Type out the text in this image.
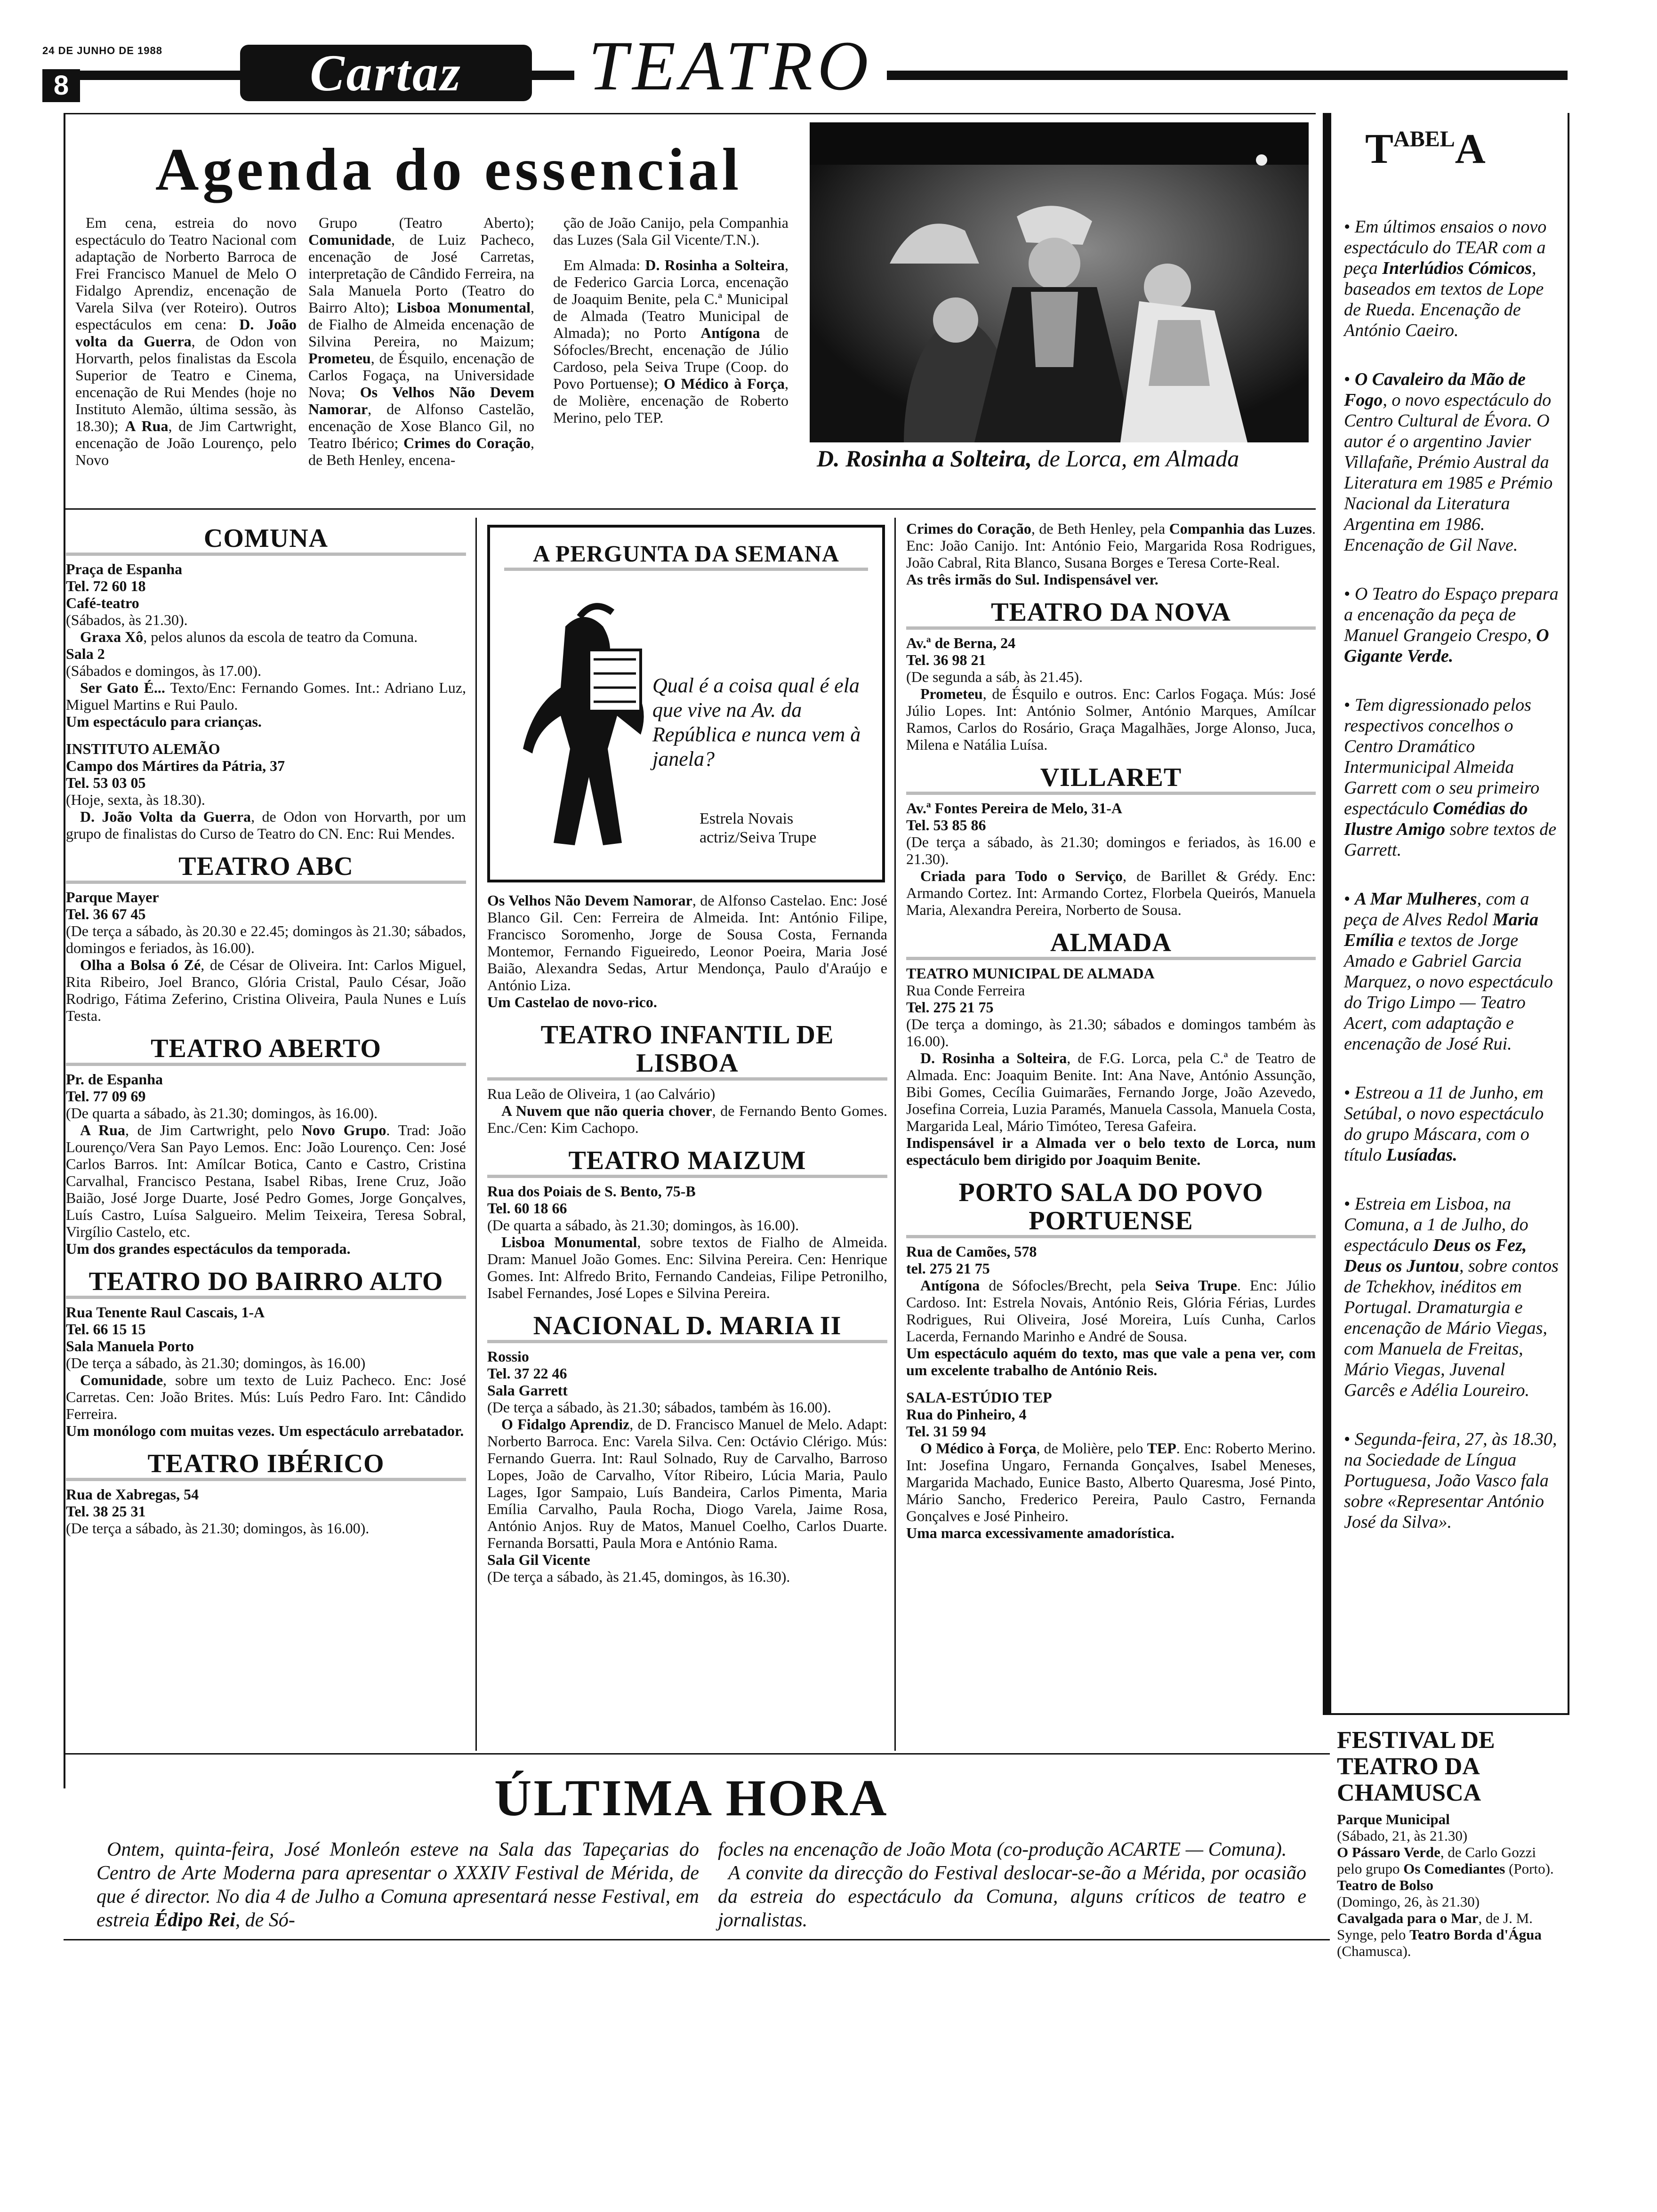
24 DE JUNHO DE 1988
8	Cartaz	TEATRO
Agenda do essencial

Em cena, estreia do novo espectáculo do Teatro Nacional com adaptação de Norberto Barroca de Frei Francisco Manuel de Melo O Fidalgo Aprendiz, encenação de Varela Silva (ver Roteiro). Outros espectáculos em cena: D. João volta da Guerra, de Odon von Horvarth, pelos finalistas da Escola Superior de Teatro e Cinema, encenação de Rui Mendes (hoje no Instituto Alemão, última sessão, às 18.30); A Rua, de Jim Cartwright, encenação de João Lourenço, pelo Novo

Grupo (Teatro Aberto); Comunidade, de Luiz Pacheco, encenação de José Carretas, interpretação de Cândido Ferreira, na Sala Manuela Porto (Teatro do Bairro Alto); Lisboa Monumental, de Fialho de Almeida encenação de Silvina Pereira, no Maizum; Prometeu, de Ésquilo, encenação de Carlos Fogaça, na Universidade Nova; Os Velhos Não Devem Namorar, de Alfonso Castelão, encenação de Xose Blanco Gil, no Teatro Ibérico; Crimes do Coração, de Beth Henley, encena-

ção de João Canijo, pela Companhia das Luzes (Sala Gil Vicente/T.N.).

Em Almada: D. Rosinha a Solteira, de Federico Garcia Lorca, encenação de Joaquim Benite, pela C.ª Municipal de Almada (Teatro Municipal de Almada); no Porto Antígona de Sófocles/Brecht, encenação de Júlio Cardoso, pela Seiva Trupe (Coop. do Povo Portuense); O Médico à Força, de Molière, encenação de Roberto Merino, pelo TEP.

D. Rosinha a Solteira, de Lorca, em Almada
TABELA
• Em últimos ensaios o novo espectáculo do TEAR com a peça Interlúdios Cómicos, baseados em textos de Lope de Rueda. Encenação de António Caeiro.
• O Cavaleiro da Mão de Fogo, o novo espectáculo do Centro Cultural de Évora. O autor é o argentino Javier Villafañe, Prémio Austral da Literatura em 1985 e Prémio Nacional da Literatura Argentina em 1986. Encenação de Gil Nave.
• O Teatro do Espaço prepara a encenação da peça de Manuel Grangeio Crespo, O Gigante Verde.
• Tem digressionado pelos respectivos concelhos o Centro Dramático Intermunicipal Almeida Garrett com o seu primeiro espectáculo Comédias do Ilustre Amigo sobre textos de Garrett.
• A Mar Mulheres, com a peça de Alves Redol Maria Emília e textos de Jorge Amado e Gabriel Garcia Marquez, o novo espectáculo do Trigo Limpo — Teatro Acert, com adaptação e encenação de José Rui.
• Estreou a 11 de Junho, em Setúbal, o novo espectáculo do grupo Máscara, com o título Lusíadas.
• Estreia em Lisboa, na Comuna, a 1 de Julho, do espectáculo Deus os Fez, Deus os Juntou, sobre contos de Tchekhov, inéditos em Portugal. Dramaturgia e encenação de Mário Viegas, com Manuela de Freitas, Mário Viegas, Juvenal Garcês e Adélia Loureiro.
• Segunda-feira, 27, às 18.30, na Sociedade de Língua Portuguesa, João Vasco fala sobre «Representar António José da Silva».
FESTIVAL DE TEATRO DA CHAMUSCA

Parque Municipal

(Sábado, 21, às 21.30)

O Pássaro Verde, de Carlo Gozzi pelo grupo Os Comediantes (Porto).

Teatro de Bolso

(Domingo, 26, às 21.30)

Cavalgada para o Mar, de J. M. Synge, pelo Teatro Borda d'Água (Chamusca).

COMUNA

Praça de Espanha

Tel. 72 60 18

Café-teatro

(Sábados, às 21.30).

Graxa Xô, pelos alunos da escola de teatro da Comuna.

Sala 2

(Sábados e domingos, às 17.00).

Ser Gato É... Texto/Enc: Fernando Gomes. Int.: Adriano Luz, Miguel Martins e Rui Paulo.

Um espectáculo para crianças.

INSTITUTO ALEMÃO

Campo dos Mártires da Pátria, 37

Tel. 53 03 05

(Hoje, sexta, às 18.30).

D. João Volta da Guerra, de Odon von Horvarth, por um grupo de finalistas do Curso de Teatro do CN. Enc: Rui Mendes.

TEATRO ABC

Parque Mayer

Tel. 36 67 45

(De terça a sábado, às 20.30 e 22.45; domingos às 21.30; sábados, domingos e feriados, às 16.00).

Olha a Bolsa ó Zé, de César de Oliveira. Int: Carlos Miguel, Rita Ribeiro, Joel Branco, Glória Cristal, Paulo César, João Rodrigo, Fátima Zeferino, Cristina Oliveira, Paula Nunes e Luís Testa.

TEATRO ABERTO

Pr. de Espanha

Tel. 77 09 69

(De quarta a sábado, às 21.30; domingos, às 16.00).

A Rua, de Jim Cartwright, pelo Novo Grupo. Trad: João Lourenço/Vera San Payo Lemos. Enc: João Lourenço. Cen: José Carlos Barros. Int: Amílcar Botica, Canto e Castro, Cristina Carvalhal, Francisco Pestana, Isabel Ribas, Irene Cruz, João Baião, José Jorge Duarte, José Pedro Gomes, Jorge Gonçalves, Luís Castro, Luísa Salgueiro. Melim Teixeira, Teresa Sobral, Virgílio Castelo, etc.

Um dos grandes espectáculos da temporada.

TEATRO DO BAIRRO ALTO

Rua Tenente Raul Cascais, 1-A

Tel. 66 15 15

Sala Manuela Porto

(De terça a sábado, às 21.30; domingos, às 16.00)

Comunidade, sobre um texto de Luiz Pacheco. Enc: José Carretas. Cen: João Brites. Mús: Luís Pedro Faro. Int: Cândido Ferreira.

Um monólogo com muitas vezes. Um espectáculo arrebatador.

TEATRO IBÉRICO

Rua de Xabregas, 54

Tel. 38 25 31

(De terça a sábado, às 21.30; domingos, às 16.00).

A PERGUNTA DA SEMANA
Qual é a coisa qual é ela que vive na Av. da República e nunca vem à janela?
Estrela Novais
actriz/Seiva Trupe

Os Velhos Não Devem Namorar, de Alfonso Castelao. Enc: José Blanco Gil. Cen: Ferreira de Almeida. Int: António Filipe, Francisco Soromenho, Jorge de Sousa Costa, Fernanda Montemor, Fernando Figueiredo, Leonor Poeira, Maria José Baião, Alexandra Sedas, Artur Mendonça, Paulo d'Araújo e António Liza.

Um Castelao de novo-rico.

TEATRO INFANTIL DE LISBOA

Rua Leão de Oliveira, 1 (ao Calvário)

A Nuvem que não queria chover, de Fernando Bento Gomes. Enc./Cen: Kim Cachopo.

TEATRO MAIZUM

Rua dos Poiais de S. Bento, 75-B

Tel. 60 18 66

(De quarta a sábado, às 21.30; domingos, às 16.00).

Lisboa Monumental, sobre textos de Fialho de Almeida. Dram: Manuel João Gomes. Enc: Silvina Pereira. Cen: Henrique Gomes. Int: Alfredo Brito, Fernando Candeias, Filipe Petronilho, Isabel Fernandes, José Lopes e Silvina Pereira.

NACIONAL D. MARIA II

Rossio

Tel. 37 22 46

Sala Garrett

(De terça a sábado, às 21.30; sábados, também às 16.00).

O Fidalgo Aprendiz, de D. Francisco Manuel de Melo. Adapt: Norberto Barroca. Enc: Varela Silva. Cen: Octávio Clérigo. Mús: Fernando Guerra. Int: Raul Solnado, Ruy de Carvalho, Barroso Lopes, João de Carvalho, Vítor Ribeiro, Lúcia Maria, Paulo Lages, Igor Sampaio, Luís Bandeira, Carlos Pimenta, Maria Emília Carvalho, Paula Rocha, Diogo Varela, Jaime Rosa, António Anjos. Ruy de Matos, Manuel Coelho, Carlos Duarte. Fernanda Borsatti, Paula Mora e António Rama.

Sala Gil Vicente

(De terça a sábado, às 21.45, domingos, às 16.30).

Crimes do Coração, de Beth Henley, pela Companhia das Luzes. Enc: João Canijo. Int: António Feio, Margarida Rosa Rodrigues, João Cabral, Rita Blanco, Susana Borges e Teresa Corte-Real.

As três irmãs do Sul. Indispensável ver.

TEATRO DA NOVA

Av.ª de Berna, 24

Tel. 36 98 21

(De segunda a sáb, às 21.45).

Prometeu, de Ésquilo e outros. Enc: Carlos Fogaça. Mús: José Júlio Lopes. Int: António Solmer, António Marques, Amílcar Ramos, Carlos do Rosário, Graça Magalhães, Jorge Alonso, Juca, Milena e Natália Luísa.

VILLARET

Av.ª Fontes Pereira de Melo, 31-A

Tel. 53 85 86

(De terça a sábado, às 21.30; domingos e feriados, às 16.00 e 21.30).

Criada para Todo o Serviço, de Barillet & Grédy. Enc: Armando Cortez. Int: Armando Cortez, Florbela Queirós, Manuela Maria, Alexandra Pereira, Norberto de Sousa.

ALMADA

TEATRO MUNICIPAL DE ALMADA

Rua Conde Ferreira

Tel. 275 21 75

(De terça a domingo, às 21.30; sábados e domingos também às 16.00).

D. Rosinha a Solteira, de F.G. Lorca, pela C.ª de Teatro de Almada. Enc: Joaquim Benite. Int: Ana Nave, António Assunção, Bibi Gomes, Cecília Guimarães, Fernando Jorge, João Azevedo, Josefina Correia, Luzia Paramés, Manuela Cassola, Manuela Costa, Margarida Leal, Mário Timóteo, Teresa Gafeira.

Indispensável ir a Almada ver o belo texto de Lorca, num espectáculo bem dirigido por Joaquim Benite.

PORTO SALA DO POVO PORTUENSE

Rua de Camões, 578

tel. 275 21 75

Antígona de Sófocles/Brecht, pela Seiva Trupe. Enc: Júlio Cardoso. Int: Estrela Novais, António Reis, Glória Férias, Lurdes Rodrigues, Rui Oliveira, José Moreira, Luís Cunha, Carlos Lacerda, Fernando Marinho e André de Sousa.

Um espectáculo aquém do texto, mas que vale a pena ver, com um excelente trabalho de António Reis.

SALA-ESTÚDIO TEP

Rua do Pinheiro, 4

Tel. 31 59 94

O Médico à Força, de Molière, pelo TEP. Enc: Roberto Merino. Int: Josefina Ungaro, Fernanda Gonçalves, Isabel Meneses, Margarida Machado, Eunice Basto, Alberto Quaresma, José Pinto, Mário Sancho, Frederico Pereira, Paulo Castro, Fernanda Gonçalves e José Pinheiro.

Uma marca excessivamente amadorística.

ÚLTIMA HORA

Ontem, quinta-feira, José Monleón esteve na Sala das Tapeçarias do Centro de Arte Moderna para apresentar o XXXIV Festival de Mérida, de que é director. No dia 4 de Julho a Comuna apresentará nesse Festival, em estreia Édipo Rei, de Só-

focles na encenação de João Mota (co-produção ACARTE — Comuna).

A convite da direcção do Festival deslocar-se-ão a Mérida, por ocasião da estreia do espectáculo da Comuna, alguns críticos de teatro e jornalistas.
